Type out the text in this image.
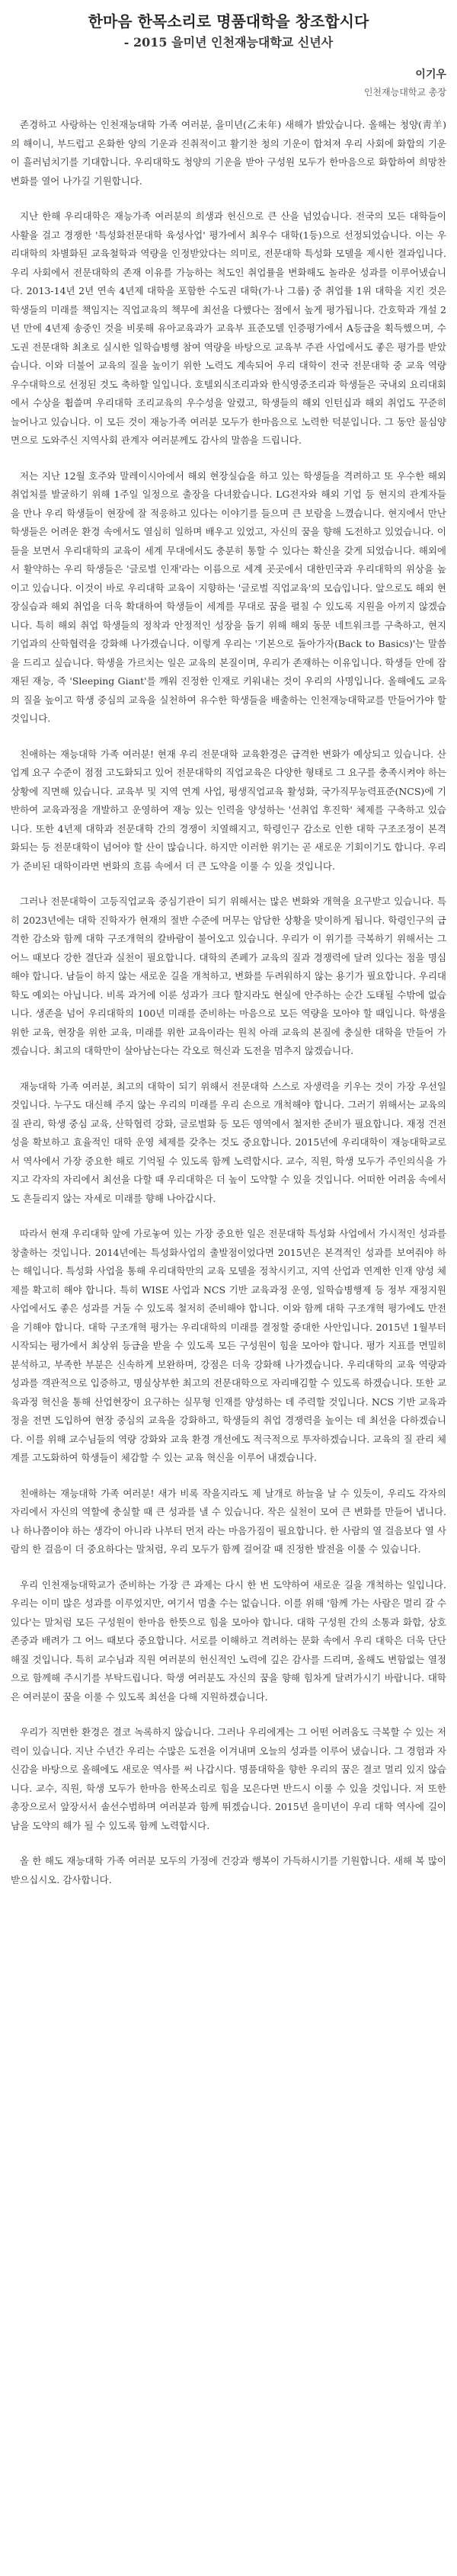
한마음 한목소리로 명품대학을 창조합시다
- 2015 을미년 인천재능대학교 신년사
이기우
인천재능대학교 총장

존경하고 사랑하는 인천재능대학 가족 여러분, 을미년(乙未年) 새해가 밝았습니다. 올해는 청양(靑羊)의 해이니, 부드럽고 온화한 양의 기운과 진취적이고 활기찬 청의 기운이 합쳐져 우리 사회에 화합의 기운이 흘러넘치기를 기대합니다. 우리대학도 청양의 기운을 받아 구성원 모두가 한마음으로 화합하여 희망찬 변화를 열어 나가길 기원합니다.

지난 한해 우리대학은 재능가족 여러분의 희생과 헌신으로 큰 산을 넘었습니다. 전국의 모든 대학들이 사활을 걸고 경쟁한 '특성화전문대학 육성사업' 평가에서 최우수 대학(1등)으로 선정되었습니다. 이는 우리대학의 차별화된 교육철학과 역량을 인정받았다는 의미로, 전문대학 특성화 모델을 제시한 결과입니다. 우리 사회에서 전문대학의 존재 이유를 가능하는 척도인 취업률을 변화해도 놀라운 성과를 이루어냈습니다. 2013-14년 2년 연속 4년제 대학을 포함한 수도권 대학(가·나 그룹) 중 취업률 1위 대학을 지킨 것은 학생들의 미래를 책임지는 직업교육의 책무에 최선을 다했다는 점에서 높게 평가됩니다. 간호학과 개설 2년 만에 4년제 송중인 것을 비롯해 유아교육과가 교육부 표준모델 인증평가에서 A등급을 획득했으며, 수도권 전문대학 최초로 실시한 일학습병행 참여 역량을 바탕으로 교육부 주관 사업에서도 좋은 평가를 받았습니다. 이와 더불어 교육의 질을 높이기 위한 노력도 계속되어 우리 대학이 전국 전문대학 중 교육 역량 우수대학으로 선정된 것도 축하할 일입니다. 호텔외식조리과와 한식영중조리과 학생들은 국내외 요리대회에서 수상을 휩쓸며 우리대학 조리교육의 우수성을 알렸고, 학생들의 해외 인턴십과 해외 취업도 꾸준히 늘어나고 있습니다. 이 모든 것이 재능가족 여러분 모두가 한마음으로 노력한 덕분입니다. 그 동안 물심양면으로 도와주신 지역사회 관계자 여러분께도 감사의 말씀을 드립니다.

저는 지난 12월 호주와 말레이시아에서 해외 현장실습을 하고 있는 학생들을 격려하고 또 우수한 해외 취업처를 발굴하기 위해 1주일 일정으로 출장을 다녀왔습니다. LG전자와 해외 기업 등 현지의 관계자들을 만나 우리 학생들이 현장에 잘 적응하고 있다는 이야기를 들으며 큰 보람을 느꼈습니다. 현지에서 만난 학생들은 어려운 환경 속에서도 열심히 일하며 배우고 있었고, 자신의 꿈을 향해 도전하고 있었습니다. 이들을 보면서 우리대학의 교육이 세계 무대에서도 충분히 통할 수 있다는 확신을 갖게 되었습니다. 해외에서 활약하는 우리 학생들은 '글로벌 인재'라는 이름으로 세계 곳곳에서 대한민국과 우리대학의 위상을 높이고 있습니다. 이것이 바로 우리대학 교육이 지향하는 '글로벌 직업교육'의 모습입니다. 앞으로도 해외 현장실습과 해외 취업을 더욱 확대하여 학생들이 세계를 무대로 꿈을 펼칠 수 있도록 지원을 아끼지 않겠습니다. 특히 해외 취업 학생들의 정착과 안정적인 성장을 돕기 위해 해외 동문 네트워크를 구축하고, 현지 기업과의 산학협력을 강화해 나가겠습니다. 이렇게 우리는 '기본으로 돌아가자(Back to Basics)'는 말씀을 드리고 싶습니다. 학생을 가르치는 일은 교육의 본질이며, 우리가 존재하는 이유입니다. 학생들 안에 잠재된 재능, 즉 'Sleeping Giant'를 깨워 진정한 인재로 키워내는 것이 우리의 사명입니다. 올해에도 교육의 질을 높이고 학생 중심의 교육을 실천하여 유수한 학생들을 배출하는 인천재능대학교를 만들어가야 할 것입니다.

친애하는 재능대학 가족 여러분! 현재 우리 전문대학 교육환경은 급격한 변화가 예상되고 있습니다. 산업계 요구 수준이 점점 고도화되고 있어 전문대학의 직업교육은 다양한 형태로 그 요구를 충족시켜야 하는 상황에 직면해 있습니다. 교육부 및 지역 연계 사업, 평생직업교육 활성화, 국가직무능력표준(NCS)에 기반하여 교육과정을 개발하고 운영하여 재능 있는 인력을 양성하는 '선취업 후진학' 체제를 구축하고 있습니다. 또한 4년제 대학과 전문대학 간의 경쟁이 치열해지고, 학령인구 감소로 인한 대학 구조조정이 본격화되는 등 전문대학이 넘어야 할 산이 많습니다. 하지만 이러한 위기는 곧 새로운 기회이기도 합니다. 우리가 준비된 대학이라면 변화의 흐름 속에서 더 큰 도약을 이룰 수 있을 것입니다.

그러나 전문대학이 고등직업교육 중심기관이 되기 위해서는 많은 변화와 개혁을 요구받고 있습니다. 특히 2023년에는 대학 진학자가 현재의 절반 수준에 머무는 암담한 상황을 맞이하게 됩니다. 학령인구의 급격한 감소와 함께 대학 구조개혁의 칼바람이 불어오고 있습니다. 우리가 이 위기를 극복하기 위해서는 그 어느 때보다 강한 결단과 실천이 필요합니다. 대학의 존폐가 교육의 질과 경쟁력에 달려 있다는 점을 명심해야 합니다. 남들이 하지 않는 새로운 길을 개척하고, 변화를 두려워하지 않는 용기가 필요합니다. 우리대학도 예외는 아닙니다. 비록 과거에 이룬 성과가 크다 할지라도 현실에 안주하는 순간 도태될 수밖에 없습니다. 생존을 넘어 우리대학의 100년 미래를 준비하는 마음으로 모든 역량을 모아야 할 때입니다. 학생을 위한 교육, 현장을 위한 교육, 미래를 위한 교육이라는 원칙 아래 교육의 본질에 충실한 대학을 만들어 가겠습니다. 최고의 대학만이 살아남는다는 각오로 혁신과 도전을 멈추지 않겠습니다.

재능대학 가족 여러분, 최고의 대학이 되기 위해서 전문대학 스스로 자생력을 키우는 것이 가장 우선일 것입니다. 누구도 대신해 주지 않는 우리의 미래를 우리 손으로 개척해야 합니다. 그러기 위해서는 교육의 질 관리, 학생 중심 교육, 산학협력 강화, 글로벌화 등 모든 영역에서 철저한 준비가 필요합니다. 재정 건전성을 확보하고 효율적인 대학 운영 체제를 갖추는 것도 중요합니다. 2015년에 우리대학이 재능대학교로서 역사에서 가장 중요한 해로 기억될 수 있도록 함께 노력합시다. 교수, 직원, 학생 모두가 주인의식을 가지고 각자의 자리에서 최선을 다할 때 우리대학은 더 높이 도약할 수 있을 것입니다. 어떠한 어려움 속에서도 흔들리지 않는 자세로 미래를 향해 나아갑시다.

따라서 현재 우리대학 앞에 가로놓여 있는 가장 중요한 일은 전문대학 특성화 사업에서 가시적인 성과를 창출하는 것입니다. 2014년에는 특성화사업의 출발점이었다면 2015년은 본격적인 성과를 보여줘야 하는 해입니다. 특성화 사업을 통해 우리대학만의 교육 모델을 정착시키고, 지역 산업과 연계한 인재 양성 체제를 확고히 해야 합니다. 특히 WISE 사업과 NCS 기반 교육과정 운영, 일학습병행제 등 정부 재정지원 사업에서도 좋은 성과를 거둘 수 있도록 철저히 준비해야 합니다. 이와 함께 대학 구조개혁 평가에도 만전을 기해야 합니다. 대학 구조개혁 평가는 우리대학의 미래를 결정할 중대한 사안입니다. 2015년 1월부터 시작되는 평가에서 최상위 등급을 받을 수 있도록 모든 구성원이 힘을 모아야 합니다. 평가 지표를 면밀히 분석하고, 부족한 부분은 신속하게 보완하며, 강점은 더욱 강화해 나가겠습니다. 우리대학의 교육 역량과 성과를 객관적으로 입증하고, 명실상부한 최고의 전문대학으로 자리매김할 수 있도록 하겠습니다. 또한 교육과정 혁신을 통해 산업현장이 요구하는 실무형 인재를 양성하는 데 주력할 것입니다. NCS 기반 교육과정을 전면 도입하여 현장 중심의 교육을 강화하고, 학생들의 취업 경쟁력을 높이는 데 최선을 다하겠습니다. 이를 위해 교수님들의 역량 강화와 교육 환경 개선에도 적극적으로 투자하겠습니다. 교육의 질 관리 체계를 고도화하여 학생들이 체감할 수 있는 교육 혁신을 이루어 내겠습니다.

친애하는 재능대학 가족 여러분! 새가 비록 작을지라도 제 날개로 하늘을 날 수 있듯이, 우리도 각자의 자리에서 자신의 역할에 충실할 때 큰 성과를 낼 수 있습니다. 작은 실천이 모여 큰 변화를 만들어 냅니다. 나 하나쯤이야 하는 생각이 아니라 나부터 먼저 라는 마음가짐이 필요합니다. 한 사람의 열 걸음보다 열 사람의 한 걸음이 더 중요하다는 말처럼, 우리 모두가 함께 걸어갈 때 진정한 발전을 이룰 수 있습니다.

우리 인천재능대학교가 준비하는 가장 큰 과제는 다시 한 번 도약하여 새로운 길을 개척하는 일입니다. 우리는 이미 많은 성과를 이루었지만, 여기서 멈출 수는 없습니다. 이를 위해 '함께 가는 사람은 멀리 갈 수 있다'는 말처럼 모든 구성원이 한마음 한뜻으로 힘을 모아야 합니다. 대학 구성원 간의 소통과 화합, 상호 존중과 배려가 그 어느 때보다 중요합니다. 서로를 이해하고 격려하는 문화 속에서 우리 대학은 더욱 단단해질 것입니다. 특히 교수님과 직원 여러분의 헌신적인 노력에 깊은 감사를 드리며, 올해도 변함없는 열정으로 함께해 주시기를 부탁드립니다. 학생 여러분도 자신의 꿈을 향해 힘차게 달려가시기 바랍니다. 대학은 여러분이 꿈을 이룰 수 있도록 최선을 다해 지원하겠습니다.

우리가 직면한 환경은 결코 녹록하지 않습니다. 그러나 우리에게는 그 어떤 어려움도 극복할 수 있는 저력이 있습니다. 지난 수년간 우리는 수많은 도전을 이겨내며 오늘의 성과를 이루어 냈습니다. 그 경험과 자신감을 바탕으로 올해에도 새로운 역사를 써 나갑시다. 명품대학을 향한 우리의 꿈은 결코 멀리 있지 않습니다. 교수, 직원, 학생 모두가 한마음 한목소리로 힘을 모은다면 반드시 이룰 수 있을 것입니다. 저 또한 총장으로서 앞장서서 솔선수범하며 여러분과 함께 뛰겠습니다. 2015년 을미년이 우리 대학 역사에 길이 남을 도약의 해가 될 수 있도록 함께 노력합시다.

올 한 해도 재능대학 가족 여러분 모두의 가정에 건강과 행복이 가득하시기를 기원합니다. 새해 복 많이 받으십시오. 감사합니다.
